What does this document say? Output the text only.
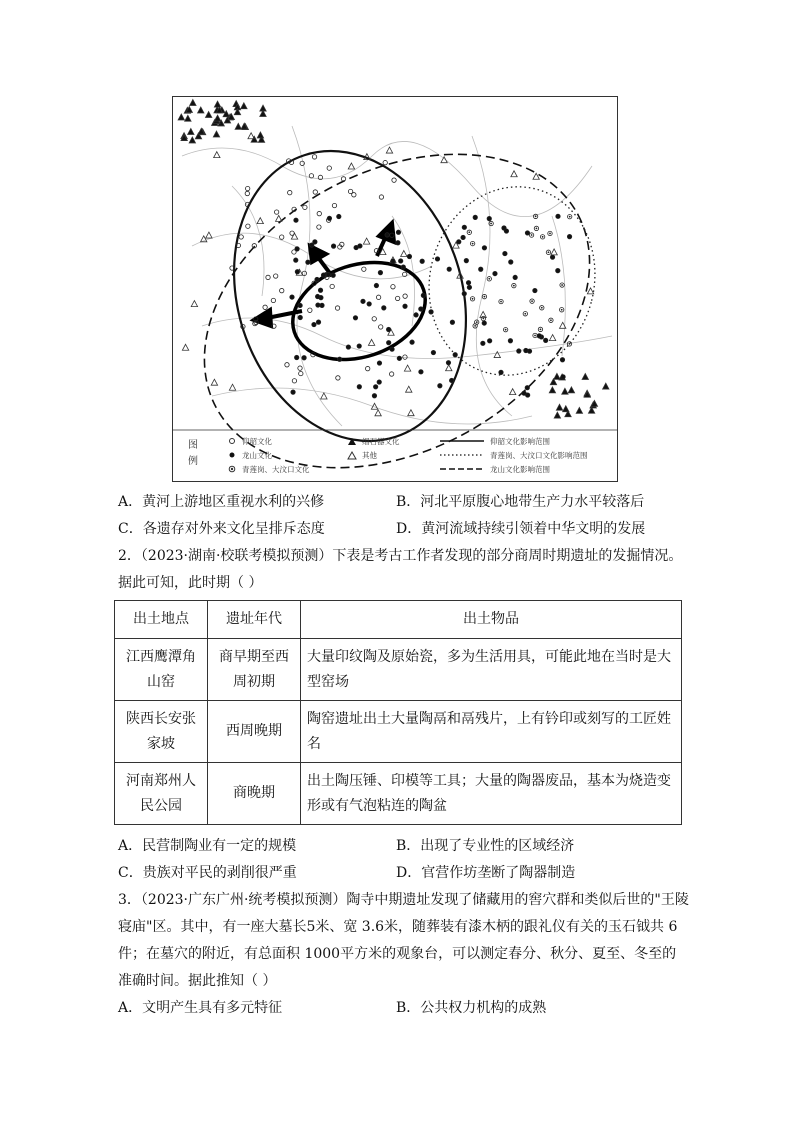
图
例
仰韶文化
龙山文化
青莲岗、大汶口文化
细石器文化
其他
仰韶文化影响范围
青莲岗、大汶口文化影响范围
龙山文化影响范围
A．黄河上游地区重视水利的兴修	B．河北平原腹心地带生产力水平较落后
C．各遗存对外来文化呈排斥态度	D．黄河流域持续引领着中华文明的发展
2．（2023·湖南·校联考模拟预测）下表是考古工作者发现的部分商周时期遗址的发掘情况。
据此可知，此时期（ ）
出土地点	遗址年代	出土物品
江西鹰潭角山窑	商早期至西周初期	大量印纹陶及原始瓷，多为生活用具，可能此地在当时是大型窑场
陕西长安张家坡	西周晚期	陶窑遗址出土大量陶鬲和鬲残片，上有钤印或刻写的工匠姓名
河南郑州人民公园	商晚期	出土陶压锤、印模等工具；大量的陶器废品，基本为烧造变形或有气泡粘连的陶盆
A．民营制陶业有一定的规模	B．出现了专业性的区域经济
C．贵族对平民的剥削很严重	D．官营作坊垄断了陶器制造
3．（2023·广东广州·统考模拟预测）陶寺中期遗址发现了储藏用的窖穴群和类似后世的"王陵
寝庙"区。其中，有一座大墓长5米、宽 3.6米，随葬装有漆木柄的跟礼仪有关的玉石钺共 6
件；在墓穴的附近，有总面积 1000平方米的观象台，可以测定春分、秋分、夏至、冬至的
准确时间。据此推知（ ）
A．文明产生具有多元特征	B．公共权力机构的成熟
